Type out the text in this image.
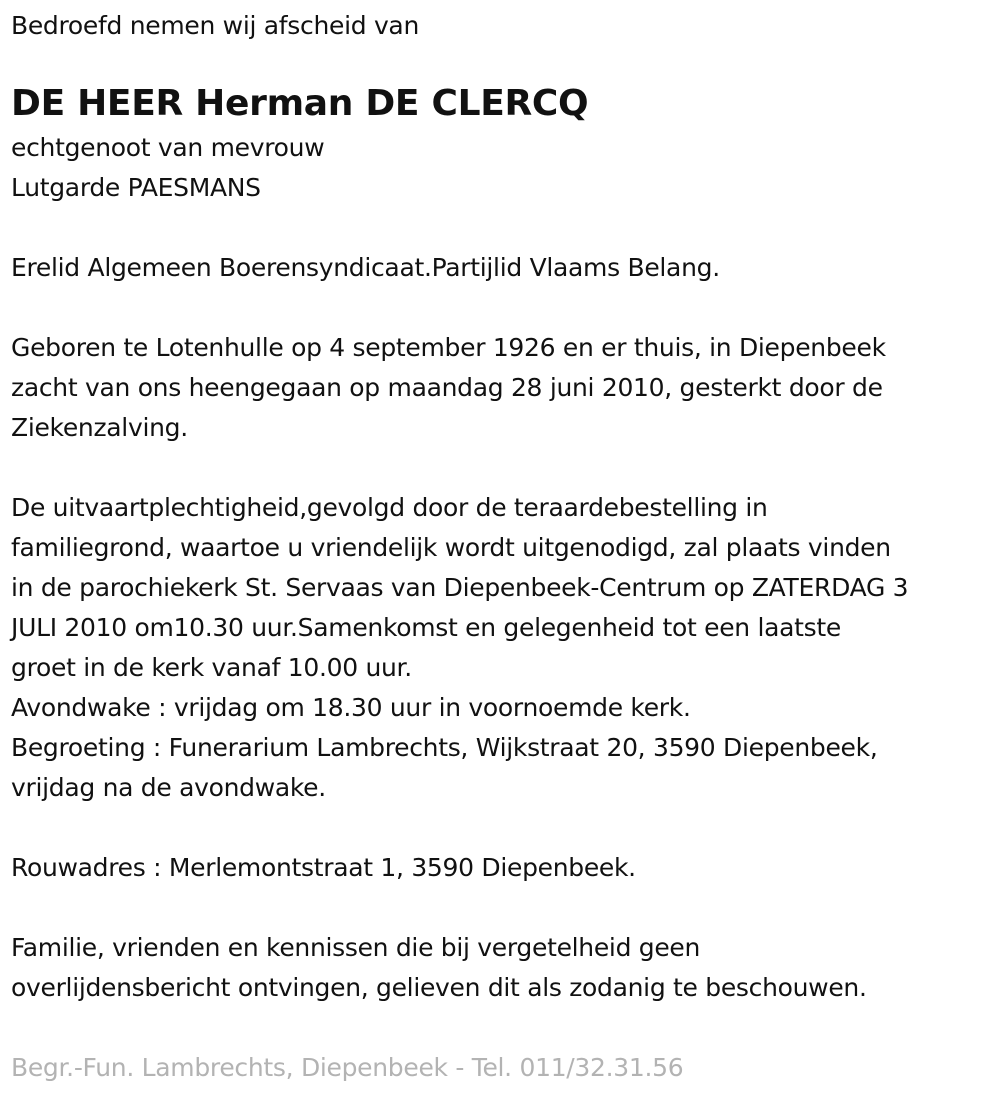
Bedroefd nemen wij afscheid van
DE HEER Herman DE CLERCQ
echtgenoot van mevrouw
Lutgarde PAESMANS
Erelid Algemeen Boerensyndicaat.Partijlid Vlaams Belang.
Geboren te Lotenhulle op 4 september 1926 en er thuis, in Diepenbeek
zacht van ons heengegaan op maandag 28 juni 2010, gesterkt door de
Ziekenzalving.
De uitvaartplechtigheid,gevolgd door de teraardebestelling in
familiegrond, waartoe u vriendelijk wordt uitgenodigd, zal plaats vinden
in de parochiekerk St. Servaas van Diepenbeek-Centrum op ZATERDAG 3
JULI 2010 om10.30 uur.Samenkomst en gelegenheid tot een laatste
groet in de kerk vanaf 10.00 uur.
Avondwake : vrijdag om 18.30 uur in voornoemde kerk.
Begroeting : Funerarium Lambrechts, Wijkstraat 20, 3590 Diepenbeek,
vrijdag na de avondwake.
Rouwadres : Merlemontstraat 1, 3590 Diepenbeek.
Familie, vrienden en kennissen die bij vergetelheid geen
overlijdensbericht ontvingen, gelieven dit als zodanig te beschouwen.
Begr.-Fun. Lambrechts, Diepenbeek - Tel. 011/32.31.56
